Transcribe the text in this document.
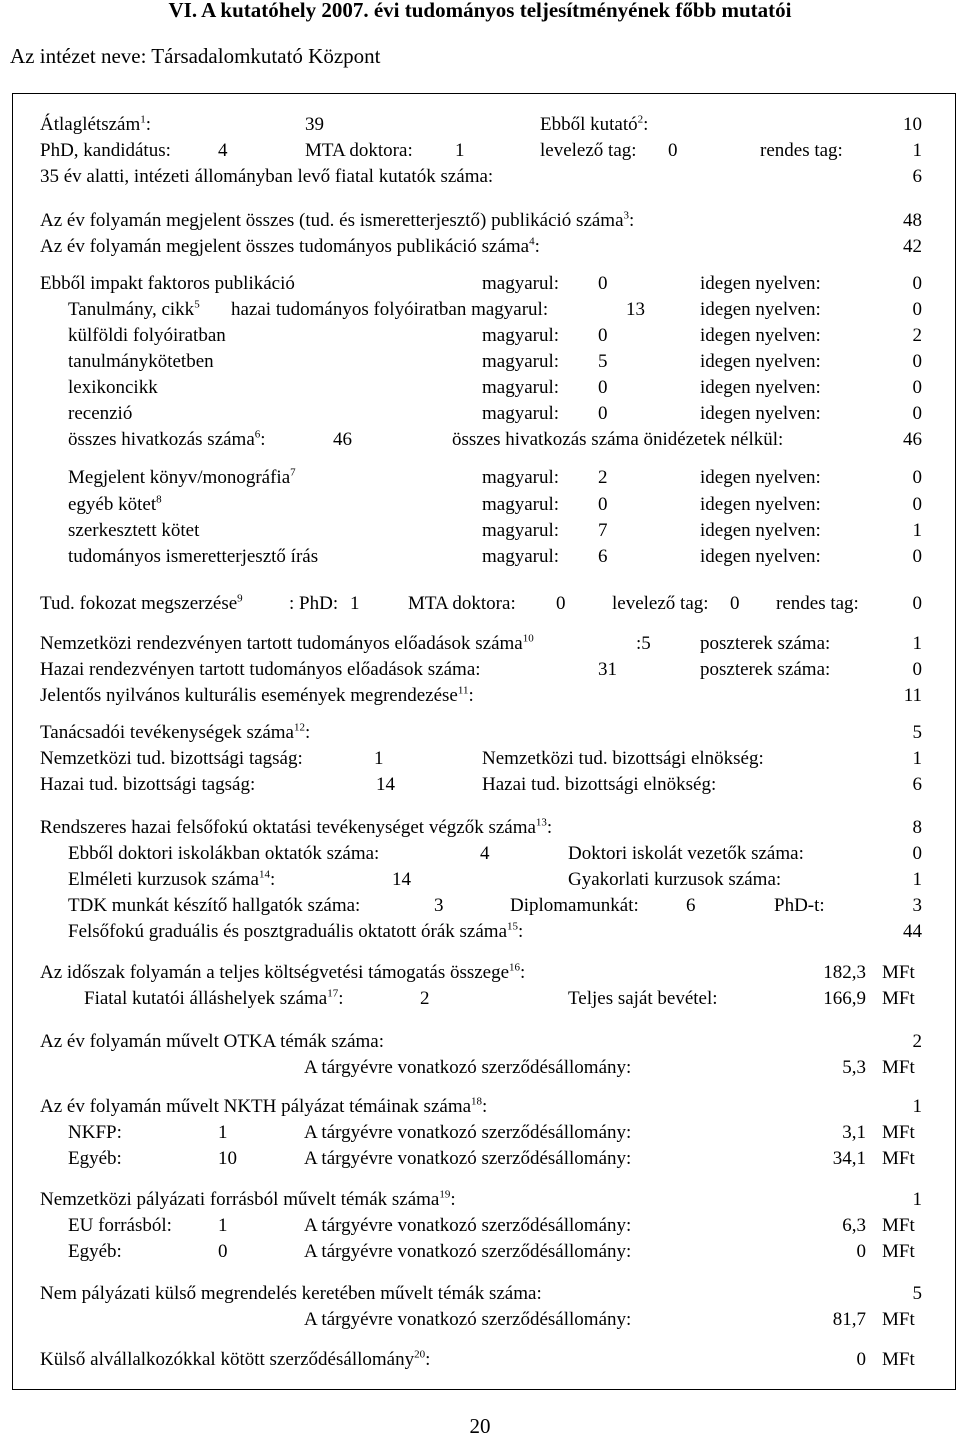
VI. A kutatóhely 2007. évi tudományos teljesítményének főbb mutatói
Az intézet neve: Társadalomkutató Központ
Átlaglétszám$^1$:	39	Ebből kutató$^2$:	10
PhD, kandidátus: 4	MTA doktora: 1	levelező tag: 0	rendes tag:	1
35 év alatti, intézeti állományban levő fiatal kutatók száma:	6
Az év folyamán megjelent összes (tud. és ismeretterjesztő) publikáció száma$^3$:	48
Az év folyamán megjelent összes tudományos publikáció száma$^4$:	42
Ebből impakt faktoros publikáció	magyarul: 0	idegen nyelven:	0
Tanulmány, cikk$^5$ hazai tudományos folyóiratban magyarul:	13	idegen nyelven:	0
külföldi folyóiratban	magyarul: 0	idegen nyelven:	2
tanulmánykötetben	magyarul: 5	idegen nyelven:	0
lexikoncikk	magyarul: 0	idegen nyelven:	0
recenzió	magyarul: 0	idegen nyelven:	0
összes hivatkozás száma$^6$:	46	összes hivatkozás száma önidézetek nélkül:	46
Megjelent könyv/monográfia$^7$	magyarul: 2	idegen nyelven:	0
egyéb kötet$^8$	magyarul: 0	idegen nyelven:	0
szerkesztett kötet	magyarul: 7	idegen nyelven:	1
tudományos ismeretterjesztő írás	magyarul: 6	idegen nyelven:	0
Tud. fokozat megszerzése$^9$ : PhD: 1	MTA doktora: 0 levelező tag: 0 rendes tag:	0
Nemzetközi rendezvényen tartott tudományos előadások száma$^{10}$	:5	poszterek száma:	1
Hazai rendezvényen tartott tudományos előadások száma:	31	poszterek száma:	0
Jelentős nyilvános kulturális események megrendezése$^{11}$:	11
Tanácsadói tevékenységek száma$^{12}$:	5
Nemzetközi tud. bizottsági tagság:	1	Nemzetközi tud. bizottsági elnökség:	1
Hazai tud. bizottsági tagság:	14	Hazai tud. bizottsági elnökség:	6
Rendszeres hazai felsőfokú oktatási tevékenységet végzők száma$^{13}$:	8
Ebből doktori iskolákban oktatók száma:	4	Doktori iskolát vezetők száma:	0
Elméleti kurzusok száma$^{14}$:	14	Gyakorlati kurzusok száma:	1
TDK munkát készítő hallgatók száma:	3	Diplomamunkát: 6	PhD-t:	3
Felsőfokú graduális és posztgraduális oktatott órák száma$^{15}$:	44
Az időszak folyamán a teljes költségvetési támogatás összege$^{16}$:	182,3 MFt
Fiatal kutatói álláshelyek száma$^{17}$:	2	Teljes saját bevétel:	166,9 MFt
Az év folyamán művelt OTKA témák száma:	2
A tárgyévre vonatkozó szerződésállomány:	5,3 MFt
Az év folyamán művelt NKTH pályázat témáinak száma$^{18}$:	1
NKFP:	1	A tárgyévre vonatkozó szerződésállomány:	3,1 MFt
Egyéb:	10	A tárgyévre vonatkozó szerződésállomány:	34,1 MFt
Nemzetközi pályázati forrásból művelt témák száma$^{19}$:	1
EU forrásból: 1	A tárgyévre vonatkozó szerződésállomány:	6,3 MFt
Egyéb:	0	A tárgyévre vonatkozó szerződésállomány:	0 MFt
Nem pályázati külső megrendelés keretében művelt témák száma:	5
A tárgyévre vonatkozó szerződésállomány:	81,7 MFt
Külső alvállalkozókkal kötött szerződésállomány$^{20}$:	0 MFt
20
